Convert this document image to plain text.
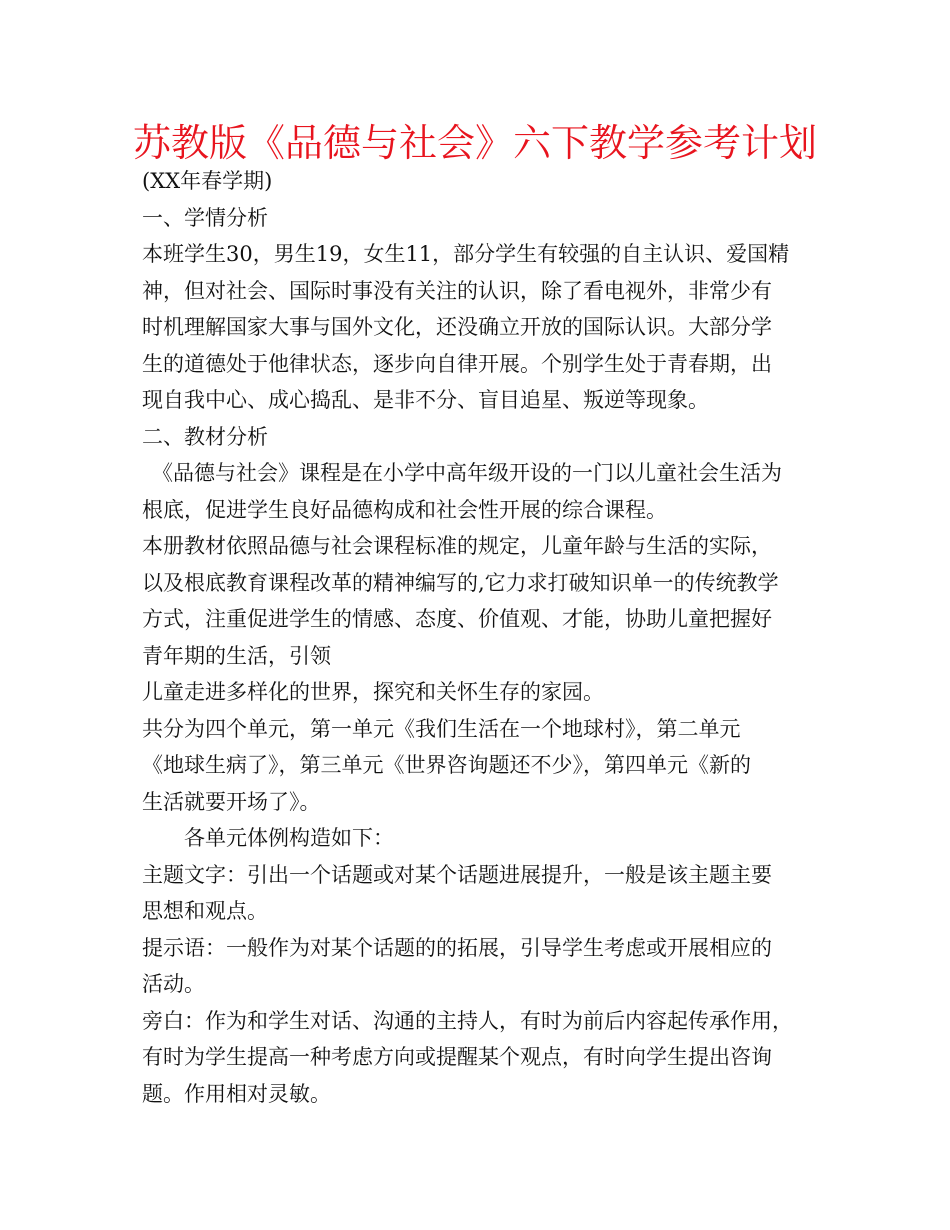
苏教版《品德与社会》六下教学参考计划
(XX年春学期)
一、学情分析
本班学生30，男生19，女生11，部分学生有较强的自主认识、爱国精
神，但对社会、国际时事没有关注的认识，除了看电视外，非常少有
时机理解国家大事与国外文化，还没确立开放的国际认识。大部分学
生的道德处于他律状态，逐步向自律开展。个别学生处于青春期，出
现自我中心、成心捣乱、是非不分、盲目追星、叛逆等现象。
二、教材分析
《品德与社会》课程是在小学中高年级开设的一门以儿童社会生活为
根底，促进学生良好品德构成和社会性开展的综合课程。
本册教材依照品德与社会课程标准的规定，儿童年龄与生活的实际，
以及根底教育课程改革的精神编写的,它力求打破知识单一的传统教学
方式，注重促进学生的情感、态度、价值观、才能，协助儿童把握好
青年期的生活，引领
儿童走进多样化的世界，探究和关怀生存的家园。
共分为四个单元，第一单元《我们生活在一个地球村》，第二单元
《地球生病了》，第三单元《世界咨询题还不少》，第四单元《新的
生活就要开场了》。
各单元体例构造如下：
主题文字：引出一个话题或对某个话题进展提升，一般是该主题主要
思想和观点。
提示语：一般作为对某个话题的的拓展，引导学生考虑或开展相应的
活动。
旁白：作为和学生对话、沟通的主持人，有时为前后内容起传承作用，
有时为学生提高一种考虑方向或提醒某个观点，有时向学生提出咨询
题。作用相对灵敏。
